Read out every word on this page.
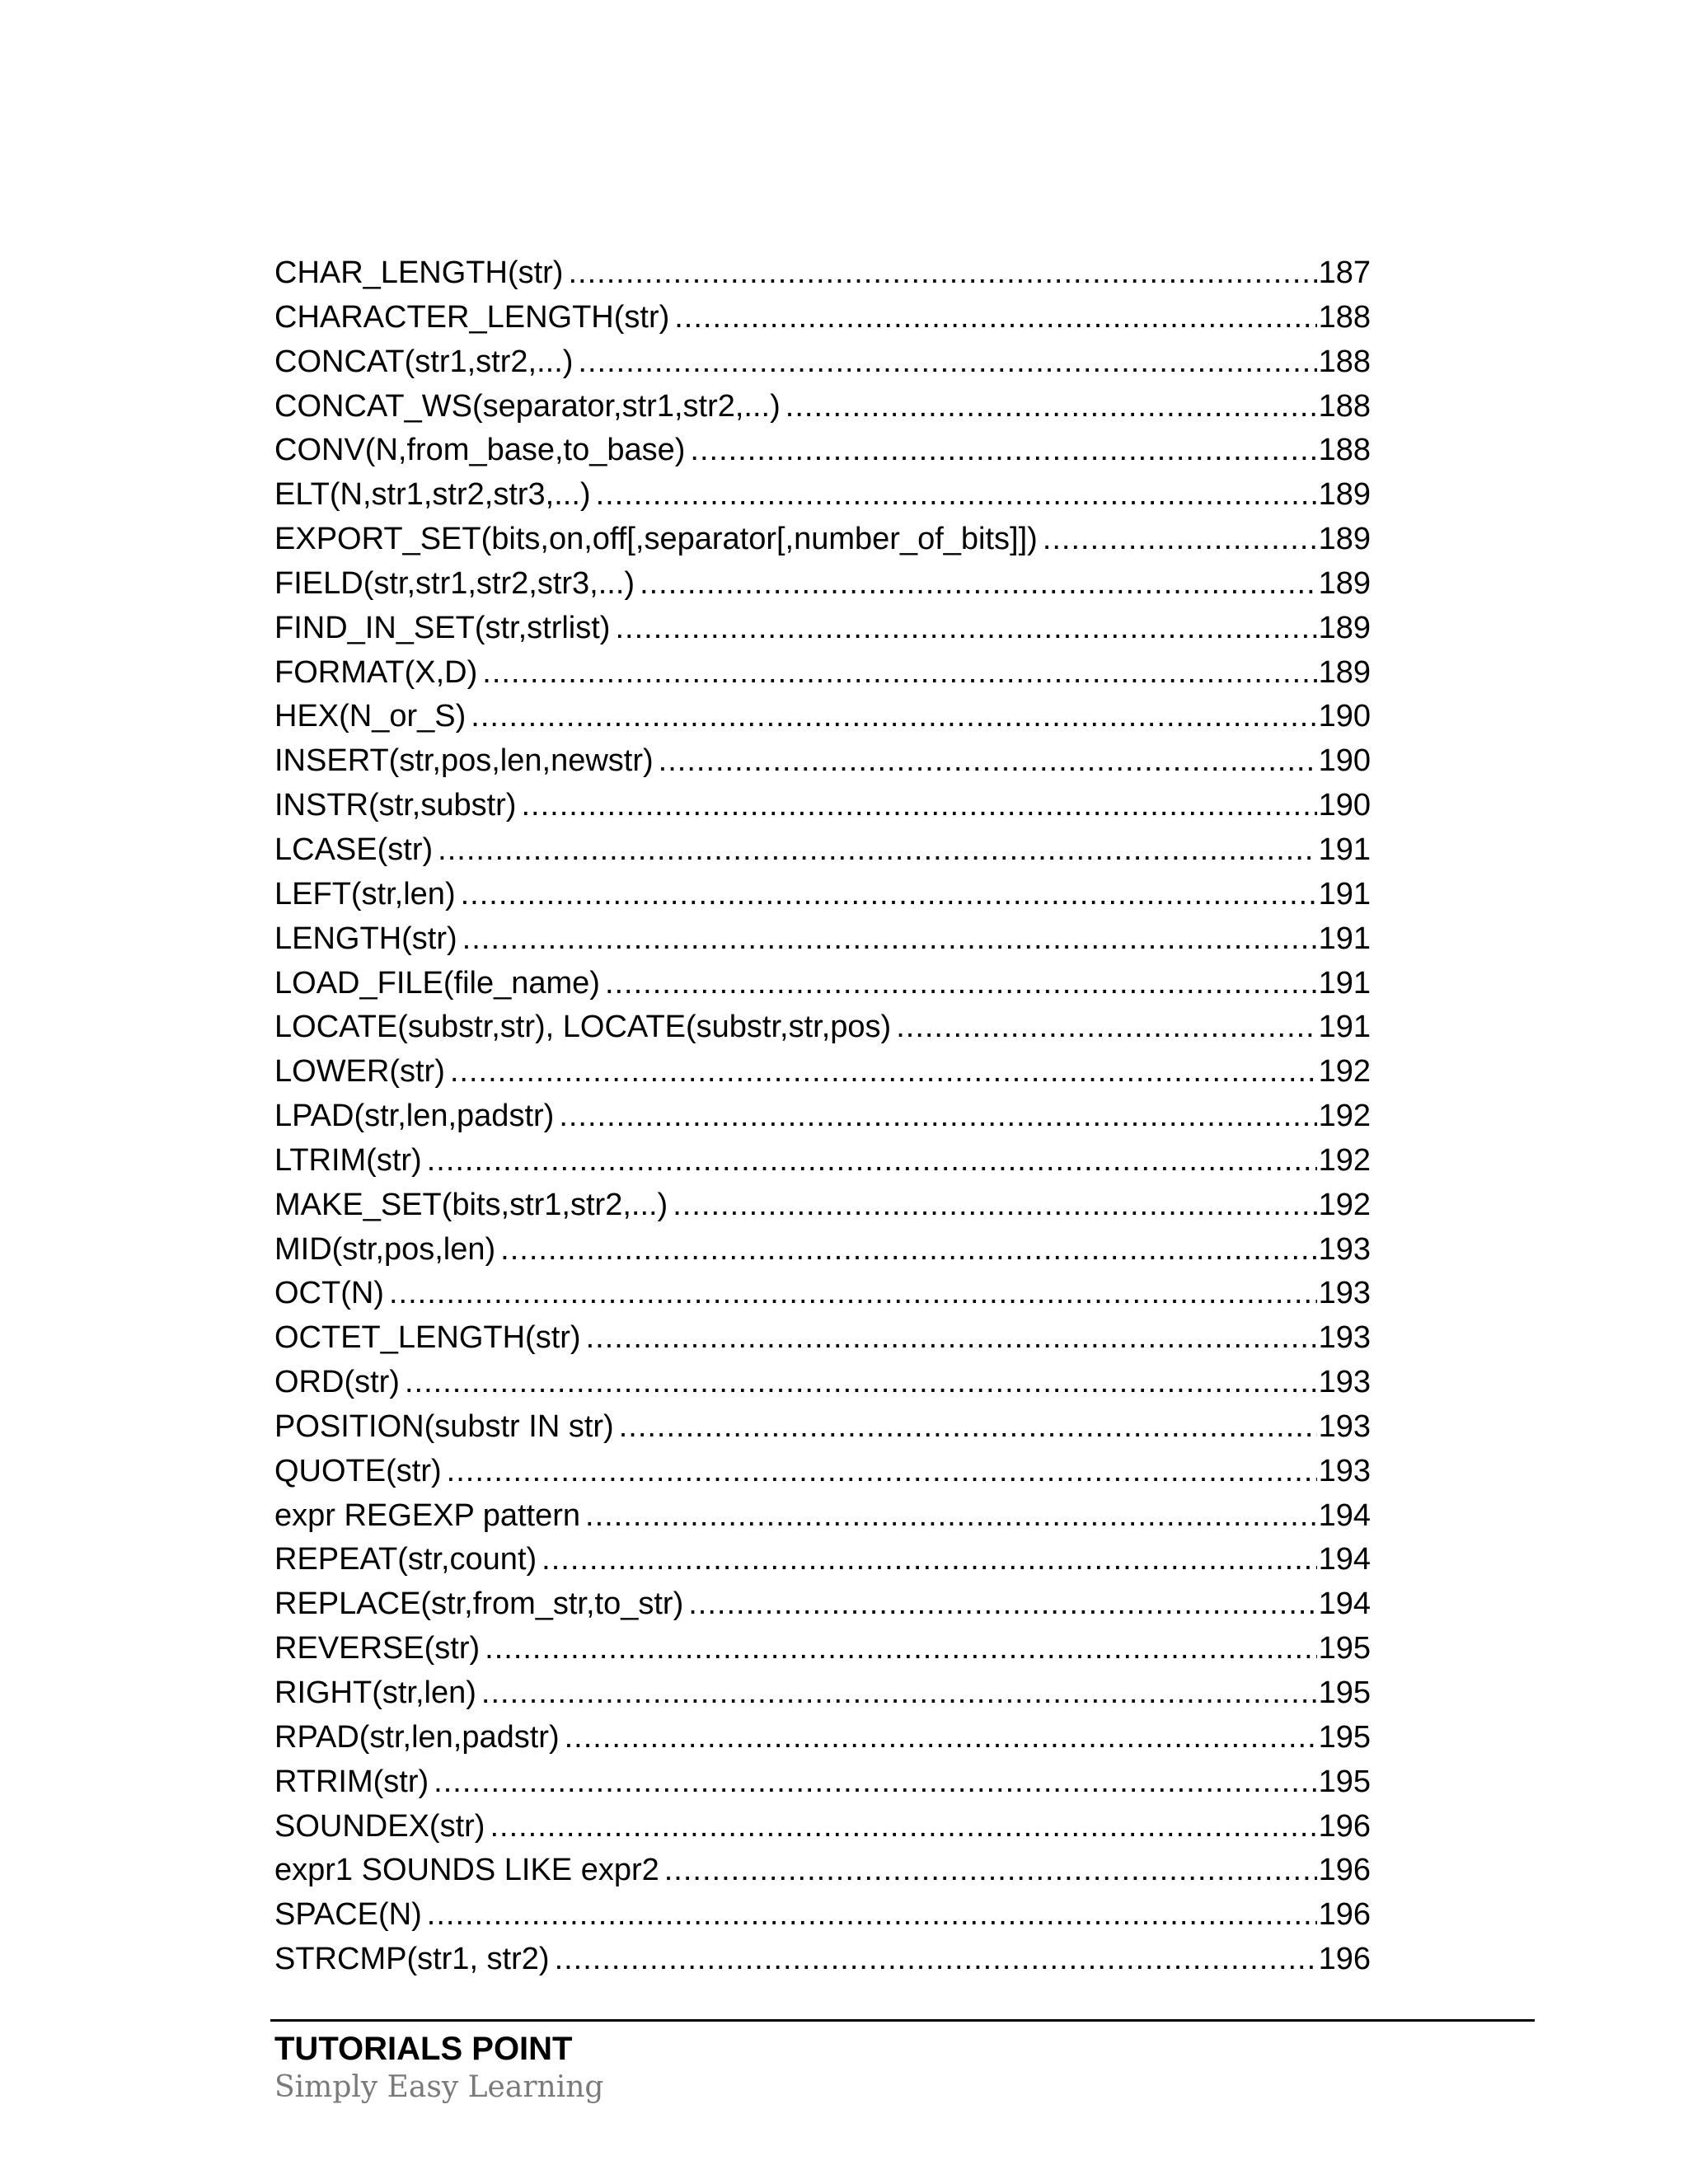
CHAR_LENGTH(str) .....	187
CHARACTER_LENGTH(str) .....	188
CONCAT(str1,str2,...) .....	188
CONCAT_WS(separator,str1,str2,...) .....	188
CONV(N,from_base,to_base) .....	188
ELT(N,str1,str2,str3,...) .....	189
EXPORT_SET(bits,on,off[,separator[,number_of_bits]]) .....	189
FIELD(str,str1,str2,str3,...) .....	189
FIND_IN_SET(str,strlist) .....	189
FORMAT(X,D) .....	189
HEX(N_or_S) .....	190
INSERT(str,pos,len,newstr) .....	190
INSTR(str,substr) .....	190
LCASE(str) .....	191
LEFT(str,len) .....	191
LENGTH(str) .....	191
LOAD_FILE(file_name) .....	191
LOCATE(substr,str), LOCATE(substr,str,pos) .....	191
LOWER(str) .....	192
LPAD(str,len,padstr) .....	192
LTRIM(str) .....	192
MAKE_SET(bits,str1,str2,...) .....	192
MID(str,pos,len) .....	193
OCT(N) .....	193
OCTET_LENGTH(str) .....	193
ORD(str) .....	193
POSITION(substr IN str) .....	193
QUOTE(str) .....	193
expr REGEXP pattern .....	194
REPEAT(str,count) .....	194
REPLACE(str,from_str,to_str) .....	194
REVERSE(str) .....	195
RIGHT(str,len) .....	195
RPAD(str,len,padstr) .....	195
RTRIM(str) .....	195
SOUNDEX(str) .....	196
expr1 SOUNDS LIKE expr2 .....	196
SPACE(N) .....	196
STRCMP(str1, str2) .....	196
TUTORIALS POINT
Simply Easy Learning
